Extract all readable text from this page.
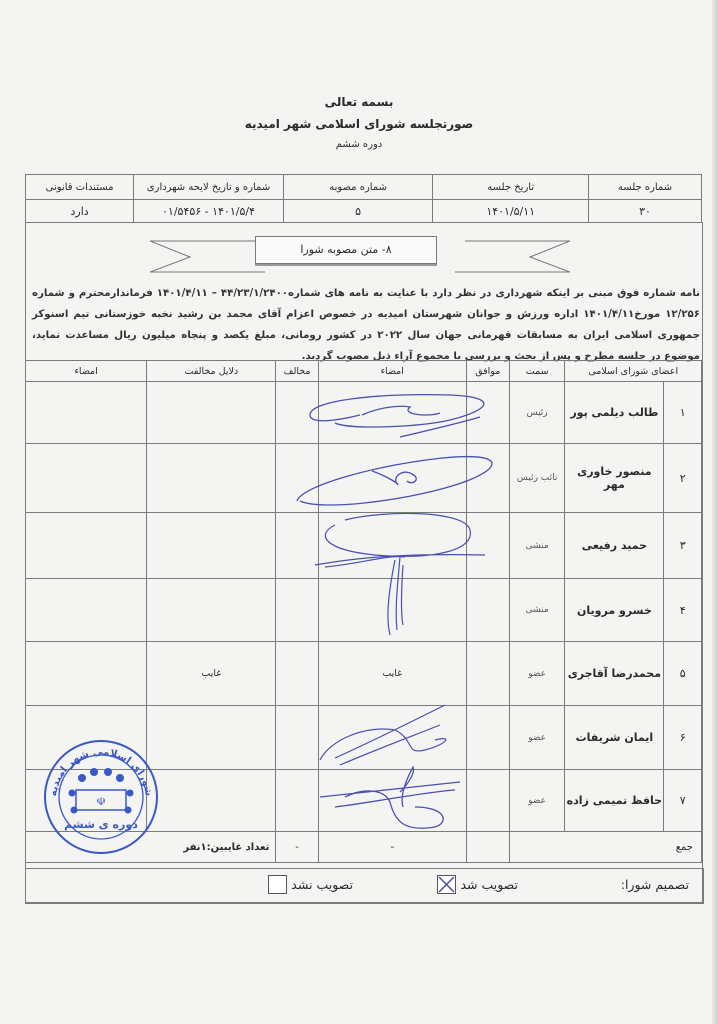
بسمه تعالی
صورتجلسه شورای اسلامی شهر امیدیه
دوره ششم
شماره جلسه	تاریخ جلسه	شماره مصوبه	شماره و تاریخ لایحه شهرداری	مستندات قانونی
۳۰	۱۴۰۱/۵/۱۱	۵	۱۴۰۱/۵/۴ - ۰۱/۵۴۵۶	دارد
۸- متن مصوبه شورا
نامه شماره فوق مبنی بر اینکه شهرداری در نظر دارد با عنایت به نامه های شماره۴۴/۲۳/۱/۲۴۰۰ – ۱۴۰۱/۴/۱۱ فرماندارمحترم و شماره ۱۲/۲۵۶ مورخ۱۴۰۱/۴/۱۱ اداره ورزش و جوانان شهرستان امیدیه در خصوص اعزام آقای محمد بن رشید نخبه خوزستانی تیم اسنوکر جمهوری اسلامی ایران به مسابقات قهرمانی جهان سال ۲۰۲۲ در کشور رومانی، مبلغ یکصد و پنجاه میلیون ریال مساعدت نماید، موضوع در جلسه مطرح و پس از بحث و بررسی با مجموع آراء ذیل مصوب گردید.
اعضای شورای اسلامی		سمت	موافق	امضاء	مخالف	دلایل مخالفت	امضاء
۱	طالب دیلمی پور	رئیس					
۲	منصور خاوری مهر	نائب رئیس					
۳	حمید رفیعی	منشی					
۴	خسرو مرویان	منشی					
۵	محمدرضا آقاجری	عضو		غایب		غایب	
۶	ایمان شریفات	عضو					
۷	حافظ تمیمی زاده	عضو					
جمع				-	-	تعداد غایبین:۱نفر	
تصمیم شورا:
تصویب شد
تصویب نشد
شورای اسلامی شهر امیدیه
☫
دوره ی ششم
